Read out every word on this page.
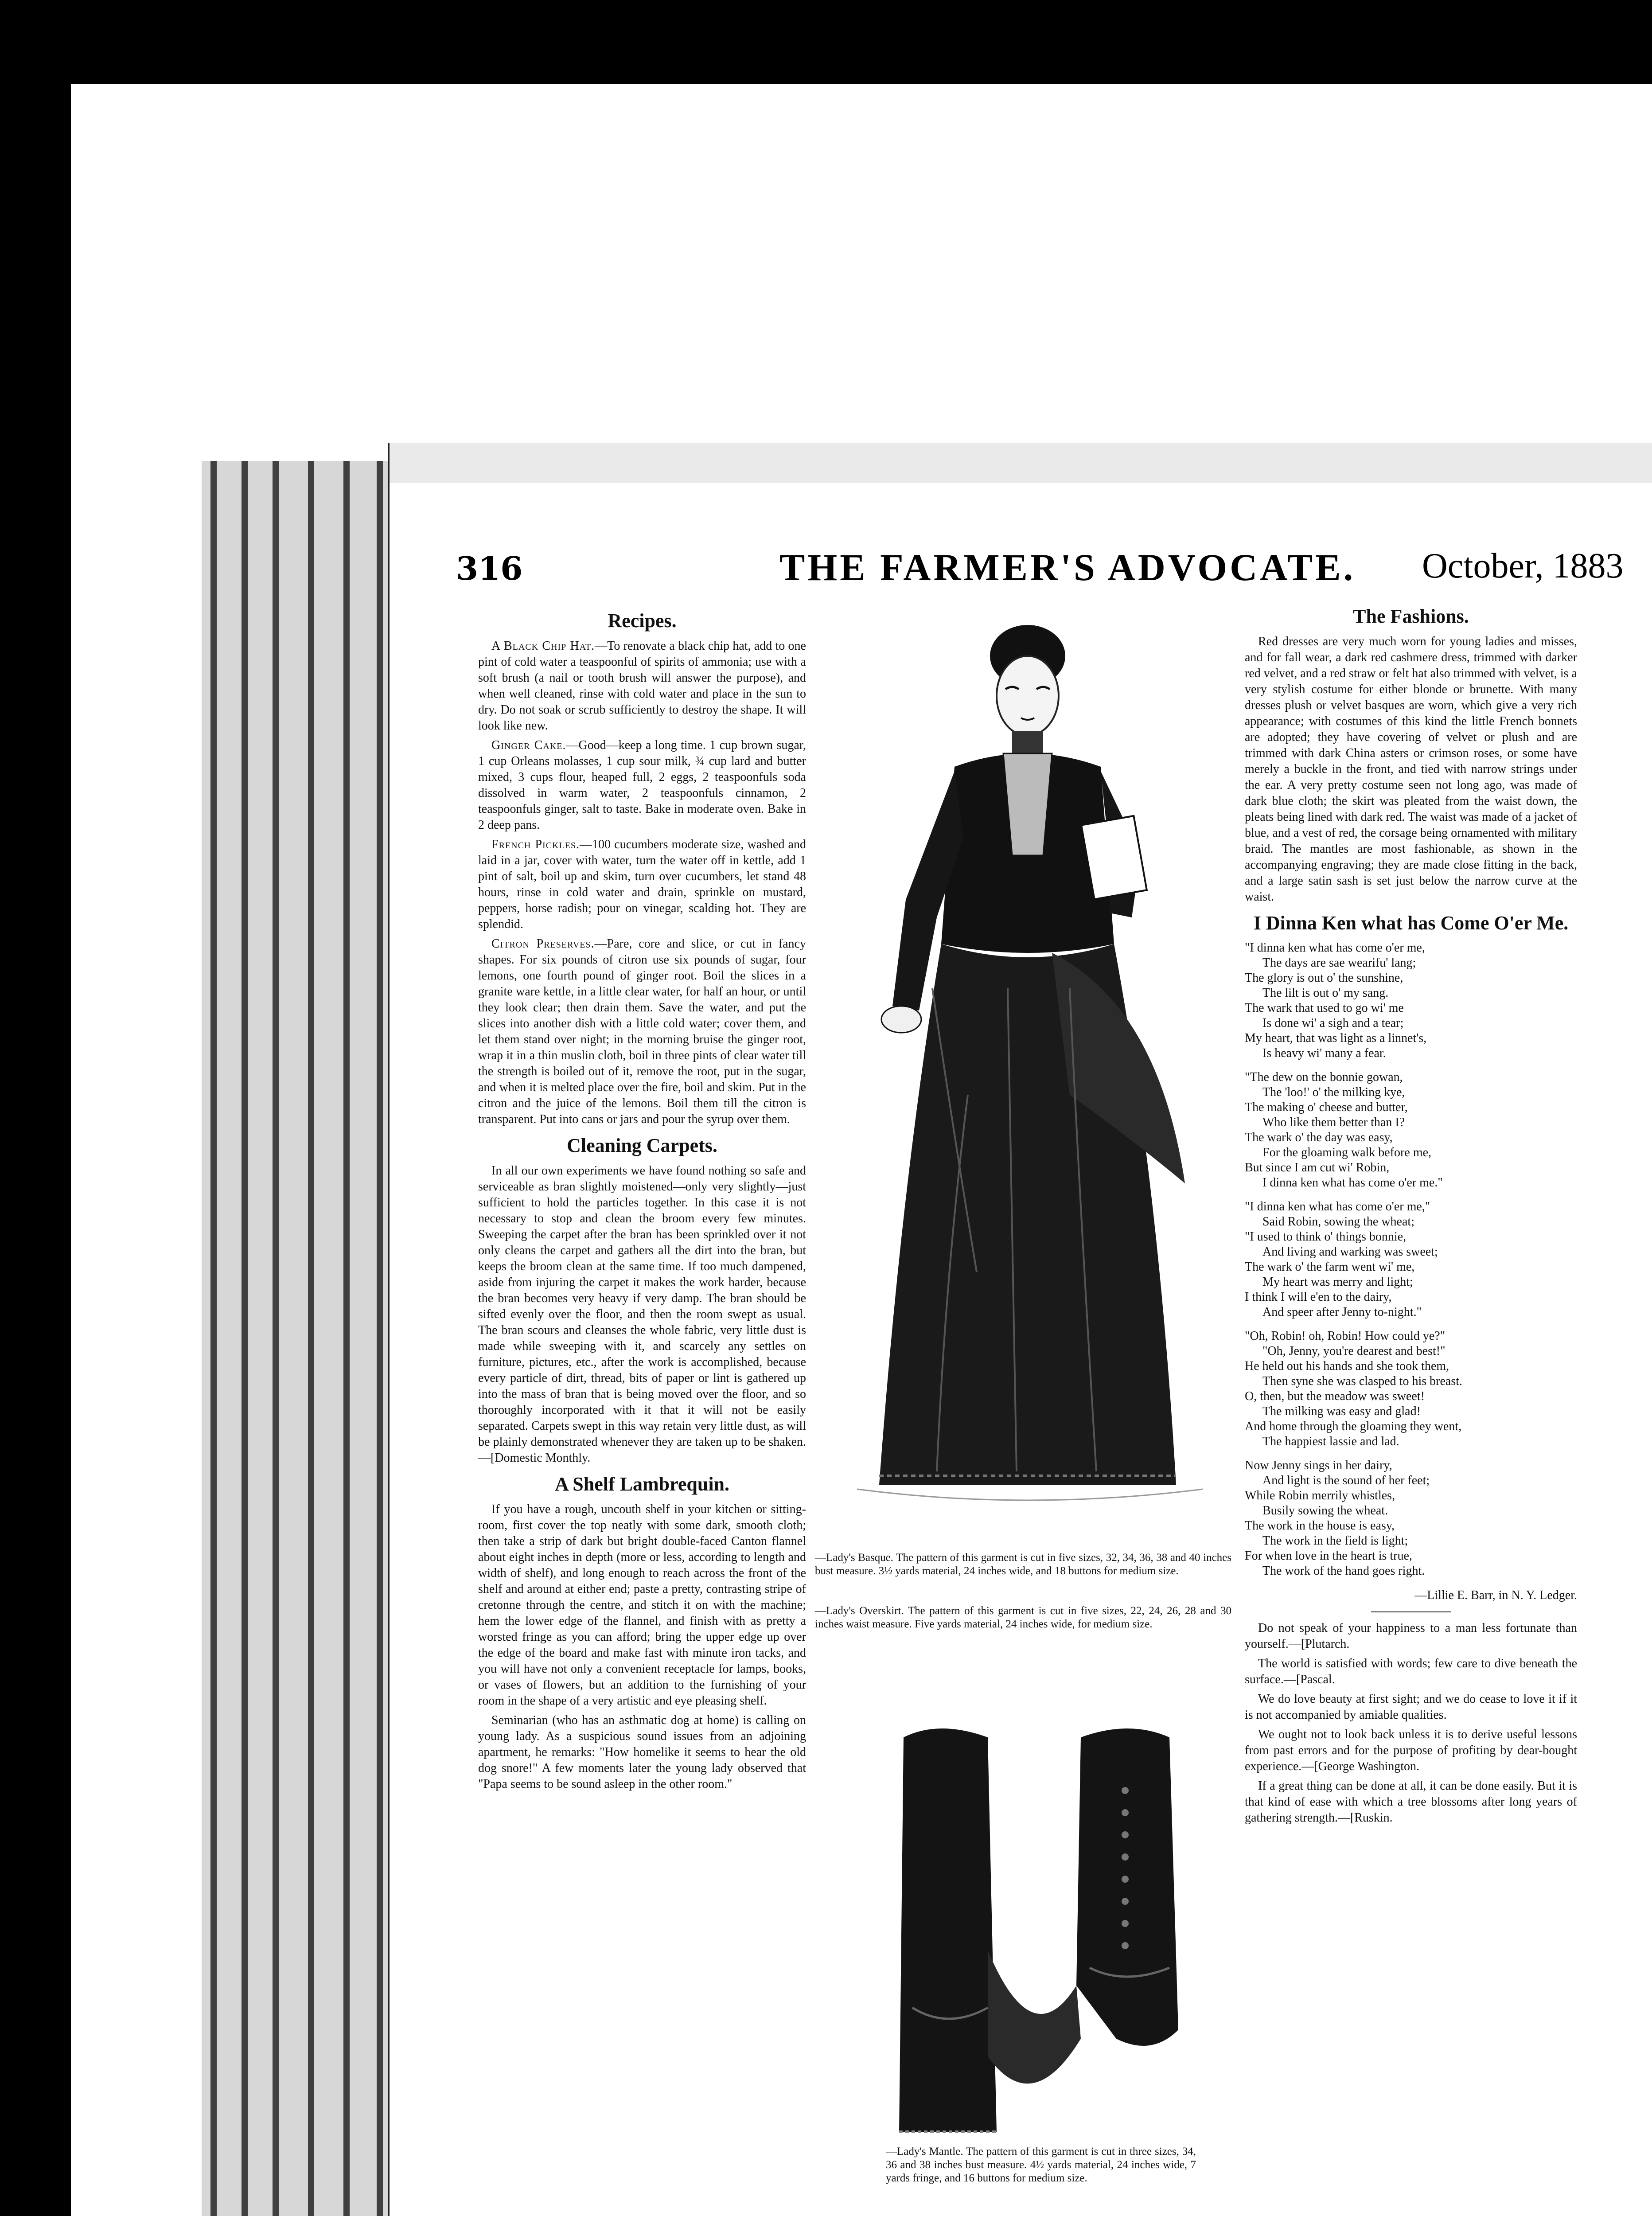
316	THE FARMER'S ADVOCATE. October, 1883
Recipes.

A Black Chip Hat.—To renovate a black chip hat, add to one pint of cold water a teaspoonful of spirits of ammonia; use with a soft brush (a nail or tooth brush will answer the purpose), and when well cleaned, rinse with cold water and place in the sun to dry. Do not soak or scrub sufficiently to destroy the shape. It will look like new.

Ginger Cake.—Good—keep a long time. 1 cup brown sugar, 1 cup Orleans molasses, 1 cup sour milk, ¾ cup lard and butter mixed, 3 cups flour, heaped full, 2 eggs, 2 teaspoonfuls soda dissolved in warm water, 2 teaspoonfuls cinnamon, 2 teaspoonfuls ginger, salt to taste. Bake in moderate oven. Bake in 2 deep pans.

French Pickles.—100 cucumbers moderate size, washed and laid in a jar, cover with water, turn the water off in kettle, add 1 pint of salt, boil up and skim, turn over cucumbers, let stand 48 hours, rinse in cold water and drain, sprinkle on mustard, peppers, horse radish; pour on vinegar, scalding hot. They are splendid.

Citron Preserves.—Pare, core and slice, or cut in fancy shapes. For six pounds of citron use six pounds of sugar, four lemons, one fourth pound of ginger root. Boil the slices in a granite ware kettle, in a little clear water, for half an hour, or until they look clear; then drain them. Save the water, and put the slices into another dish with a little cold water; cover them, and let them stand over night; in the morning bruise the ginger root, wrap it in a thin muslin cloth, boil in three pints of clear water till the strength is boiled out of it, remove the root, put in the sugar, and when it is melted place over the fire, boil and skim. Put in the citron and the juice of the lemons. Boil them till the citron is transparent. Put into cans or jars and pour the syrup over them.

Cleaning Carpets.

In all our own experiments we have found nothing so safe and serviceable as bran slightly moistened—only very slightly—just sufficient to hold the particles together. In this case it is not necessary to stop and clean the broom every few minutes. Sweeping the carpet after the bran has been sprinkled over it not only cleans the carpet and gathers all the dirt into the bran, but keeps the broom clean at the same time. If too much dampened, aside from injuring the carpet it makes the work harder, because the bran becomes very heavy if very damp. The bran should be sifted evenly over the floor, and then the room swept as usual. The bran scours and cleanses the whole fabric, very little dust is made while sweeping with it, and scarcely any settles on furniture, pictures, etc., after the work is accomplished, because every particle of dirt, thread, bits of paper or lint is gathered up into the mass of bran that is being moved over the floor, and so thoroughly incorporated with it that it will not be easily separated. Carpets swept in this way retain very little dust, as will be plainly demonstrated whenever they are taken up to be shaken.—[Domestic Monthly.

A Shelf Lambrequin.

If you have a rough, uncouth shelf in your kitchen or sitting-room, first cover the top neatly with some dark, smooth cloth; then take a strip of dark but bright double-faced Canton flannel about eight inches in depth (more or less, according to length and width of shelf), and long enough to reach across the front of the shelf and around at either end; paste a pretty, contrasting stripe of cretonne through the centre, and stitch it on with the machine; hem the lower edge of the flannel, and finish with as pretty a worsted fringe as you can afford; bring the upper edge up over the edge of the board and make fast with minute iron tacks, and you will have not only a convenient receptacle for lamps, books, or vases of flowers, but an addition to the furnishing of your room in the shape of a very artistic and eye pleasing shelf.

Seminarian (who has an asthmatic dog at home) is calling on young lady. As a suspicious sound issues from an adjoining apartment, he remarks: "How homelike it seems to hear the old dog snore!" A few moments later the young lady observed that "Papa seems to be sound asleep in the other room."

—Lady's Basque. The pattern of this garment is cut in five sizes, 32, 34, 36, 38 and 40 inches bust measure. 3½ yards material, 24 inches wide, and 18 buttons for medium size.
—Lady's Overskirt. The pattern of this garment is cut in five sizes, 22, 24, 26, 28 and 30 inches waist measure. Five yards material, 24 inches wide, for medium size.
—Lady's Mantle. The pattern of this garment is cut in three sizes, 34, 36 and 38 inches bust measure. 4½ yards material, 24 inches wide, 7 yards fringe, and 16 buttons for medium size.
The Fashions.

Red dresses are very much worn for young ladies and misses, and for fall wear, a dark red cashmere dress, trimmed with darker red velvet, and a red straw or felt hat also trimmed with velvet, is a very stylish costume for either blonde or brunette. With many dresses plush or velvet basques are worn, which give a very rich appearance; with costumes of this kind the little French bonnets are adopted; they have covering of velvet or plush and are trimmed with dark China asters or crimson roses, or some have merely a buckle in the front, and tied with narrow strings under the ear. A very pretty costume seen not long ago, was made of dark blue cloth; the skirt was pleated from the waist down, the pleats being lined with dark red. The waist was made of a jacket of blue, and a vest of red, the corsage being ornamented with military braid. The mantles are most fashionable, as shown in the accompanying engraving; they are made close fitting in the back, and a large satin sash is set just below the narrow curve at the waist.

I Dinna Ken what has Come O'er Me.
"I dinna ken what has come o'er me,
The days are sae wearifu' lang;
The glory is out o' the sunshine,
The lilt is out o' my sang.
The wark that used to go wi' me
Is done wi' a sigh and a tear;
My heart, that was light as a linnet's,
Is heavy wi' many a fear.
"The dew on the bonnie gowan,
The 'loo!' o' the milking kye,
The making o' cheese and butter,
Who like them better than I?
The wark o' the day was easy,
For the gloaming walk before me,
But since I am cut wi' Robin,
I dinna ken what has come o'er me."
"I dinna ken what has come o'er me,"
Said Robin, sowing the wheat;
"I used to think o' things bonnie,
And living and warking was sweet;
The wark o' the farm went wi' me,
My heart was merry and light;
I think I will e'en to the dairy,
And speer after Jenny to-night."
"Oh, Robin! oh, Robin! How could ye?"
"Oh, Jenny, you're dearest and best!"
He held out his hands and she took them,
Then syne she was clasped to his breast.
O, then, but the meadow was sweet!
The milking was easy and glad!
And home through the gloaming they went,
The happiest lassie and lad.
Now Jenny sings in her dairy,
And light is the sound of her feet;
While Robin merrily whistles,
Busily sowing the wheat.
The work in the house is easy,
The work in the field is light;
For when love in the heart is true,
The work of the hand goes right.
—Lillie E. Barr, in N. Y. Ledger.

Do not speak of your happiness to a man less fortunate than yourself.—[Plutarch.

The world is satisfied with words; few care to dive beneath the surface.—[Pascal.

We do love beauty at first sight; and we do cease to love it if it is not accompanied by amiable qualities.

We ought not to look back unless it is to derive useful lessons from past errors and for the purpose of profiting by dear-bought experience.—[George Washington.

If a great thing can be done at all, it can be done easily. But it is that kind of ease with which a tree blossoms after long years of gathering strength.—[Ruskin.
